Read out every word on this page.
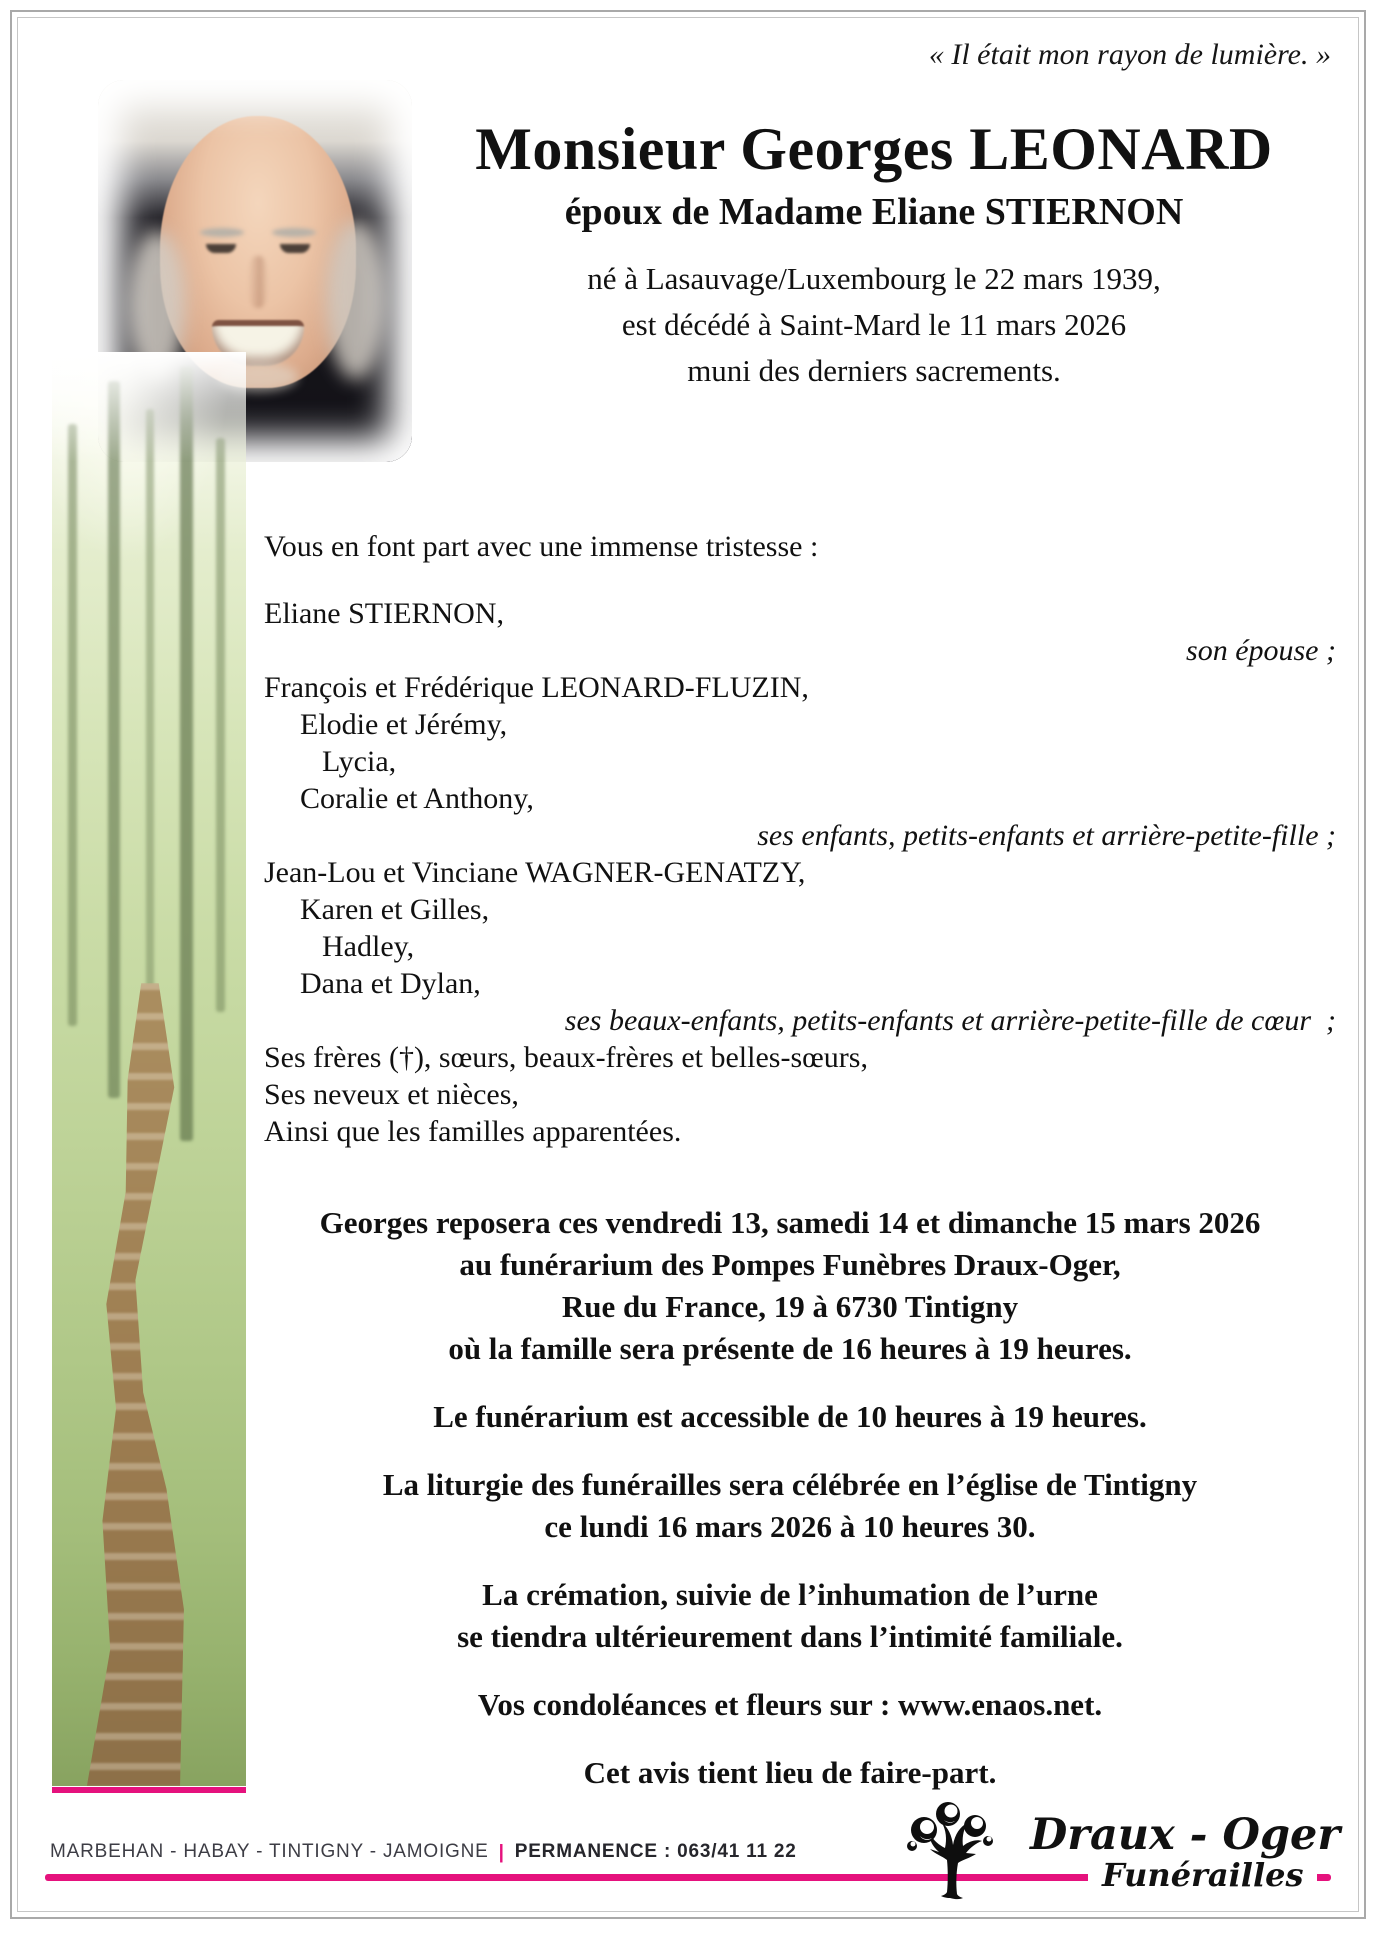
« Il était mon rayon de lumière. »
Monsieur Georges LEONARD
époux de Madame Eliane STIERNON
né à Lasauvage/Luxembourg le 22 mars 1939,
est décédé à Saint-Mard le 11 mars 2026
muni des derniers sacrements.
Vous en font part avec une immense tristesse :
Eliane STIERNON,
son épouse ;
François et Frédérique LEONARD-FLUZIN,
Elodie et Jérémy,
Lycia,
Coralie et Anthony,
ses enfants, petits-enfants et arrière-petite-fille ;
Jean-Lou et Vinciane WAGNER-GENATZY,
Karen et Gilles,
Hadley,
Dana et Dylan,
ses beaux-enfants, petits-enfants et arrière-petite-fille de cœur  ;
Ses frères (†), sœurs, beaux-frères et belles-sœurs,
Ses neveux et nièces,
Ainsi que les familles apparentées.

Georges reposera ces vendredi 13, samedi 14 et dimanche 15 mars 2026
au funérarium des Pompes Funèbres Draux-Oger,
Rue du France, 19 à 6730 Tintigny
où la famille sera présente de 16 heures à 19 heures.

Le funérarium est accessible de 10 heures à 19 heures.

La liturgie des funérailles sera célébrée en l’église de Tintigny
ce lundi 16 mars 2026 à 10 heures 30.

La crémation, suivie de l’inhumation de l’urne
se tiendra ultérieurement dans l’intimité familiale.

Vos condoléances et fleurs sur : www.enaos.net.

Cet avis tient lieu de faire-part.

MARBEHAN - HABAY - TINTIGNY - JAMOIGNE | PERMANENCE : 063/41 11 22	Draux - Oger
Funérailles
